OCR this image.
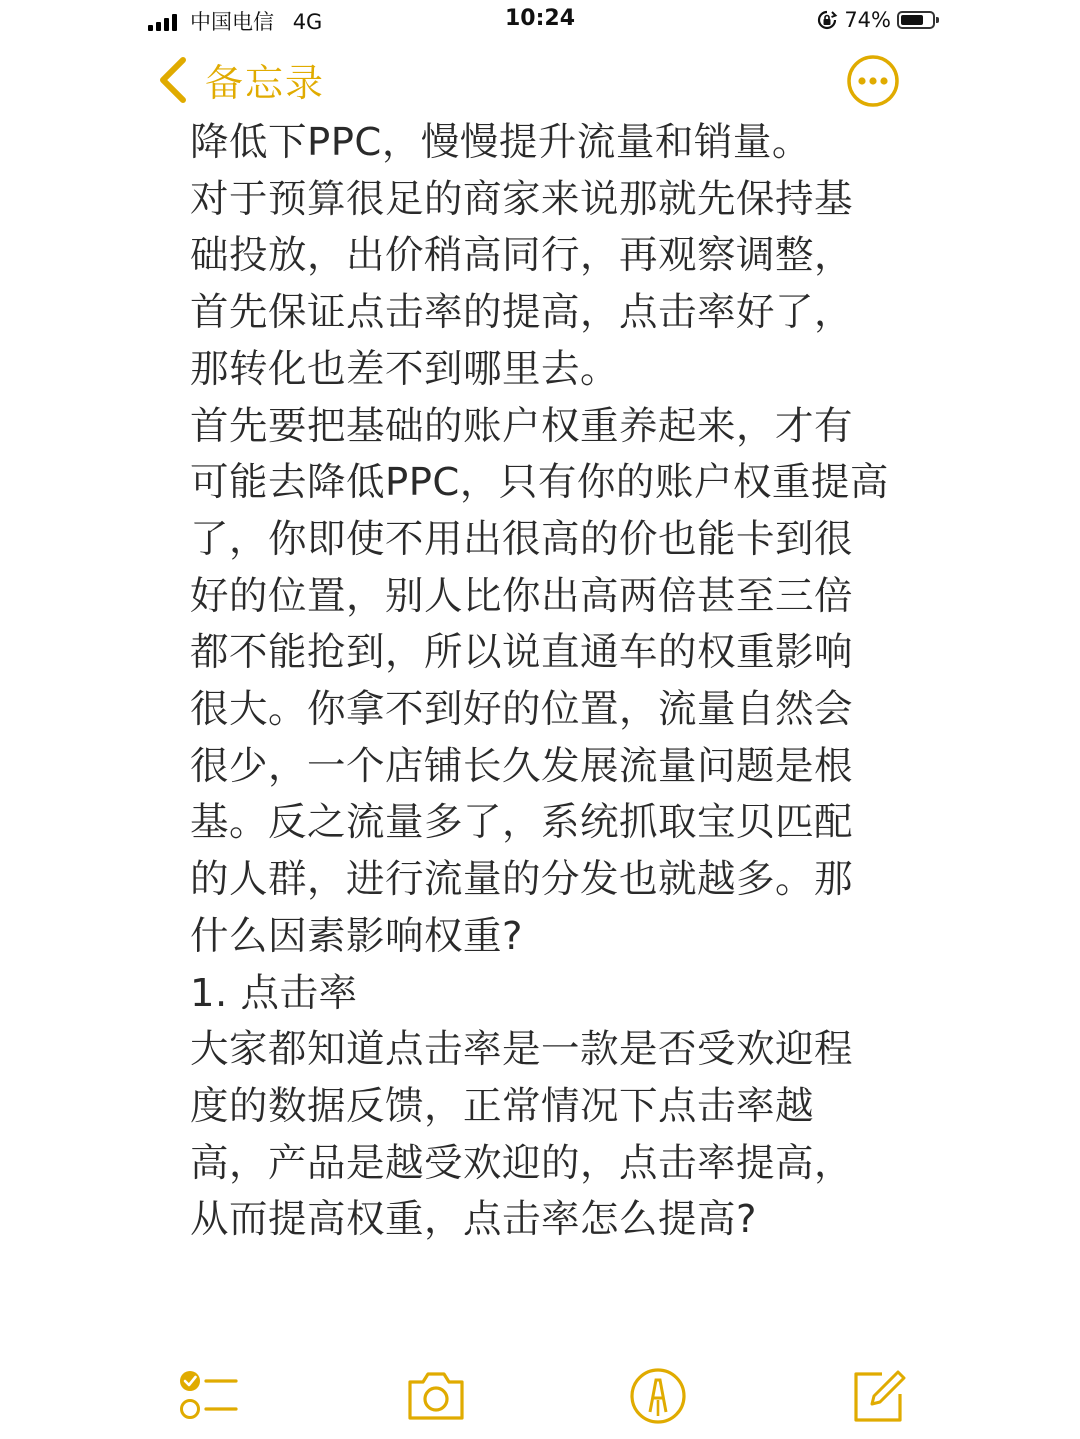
中国电信 4G	10:24	74%
备忘录

降低下PPC，慢慢提升流量和销量。

对于预算很足的商家来说那就先保持基础投放，出价稍高同行，再观察调整，首先保证点击率的提高，点击率好了，那转化也差不到哪里去。

首先要把基础的账户权重养起来，才有可能去降低PPC，只有你的账户权重提高了，你即使不用出很高的价也能卡到很好的位置，别人比你出高两倍甚至三倍都不能抢到，所以说直通车的权重影响很大。你拿不到好的位置，流量自然会很少，一个店铺长久发展流量问题是根基。反之流量多了，系统抓取宝贝匹配的人群，进行流量的分发也就越多。那什么因素影响权重?

1. 点击率

大家都知道点击率是一款是否受欢迎程度的数据反馈，正常情况下点击率越高，产品是越受欢迎的，点击率提高，从而提高权重，点击率怎么提高?
